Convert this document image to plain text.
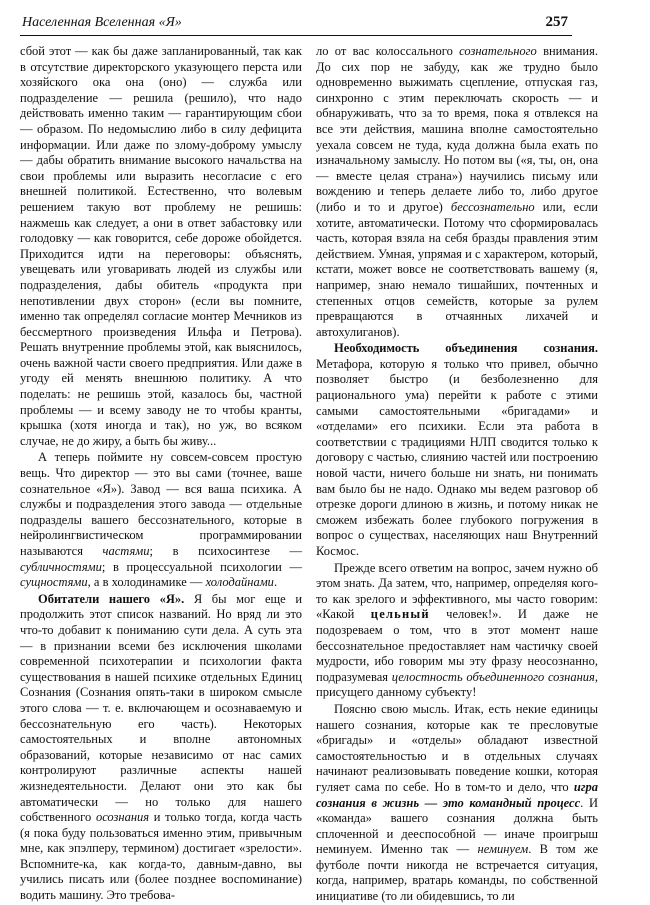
Населенная Вселенная «Я»	257

сбой этот — как бы даже запланированный, так как в отсутствие директорского указующего перста или хозяйского ока она (оно) — служба или подразделение — решила (решило), что надо действовать именно таким — гарантирующим сбои — образом. По недомыслию либо в силу дефицита информации. Или даже по злому-доброму умыслу — дабы обратить внимание высокого начальства на свои проблемы или выразить несогласие с его внешней политикой. Естественно, что волевым решением такую вот проблему не решишь: нажмешь как следует, а они в ответ забастовку или голодовку — как говорится, себе дороже обойдется. Приходится идти на переговоры: объяснять, увещевать или уговаривать людей из службы или подразделения, дабы обитель «продукта при непотивлении двух сторон» (если вы помните, именно так определял согласие монтер Мечников из бессмертного произведения Ильфа и Петрова). Решать внутренние проблемы этой, как выяснилось, очень важной части своего предприятия. Или даже в угоду ей менять внешнюю политику. А что поделать: не решишь этой, казалось бы, частной проблемы — и всему заводу не то чтобы кранты, крышка (хотя иногда и так), но уж, во всяком случае, не до жиру, а быть бы живу...

А теперь поймите ну совсем-совсем простую вещь. Что директор — это вы сами (точнее, ваше сознательное «Я»). Завод — вся ваша психика. А службы и подразделения этого завода — отдельные подразделы вашего бессознательного, которые в нейролингвистическом программировании называются частями; в психосинтезе — субличностями; в процессуальной психологии — сущностями, а в холодинамике — холодайнами.

Обитатели нашего «Я». Я бы мог еще и продолжить этот список названий. Но вряд ли это что-то добавит к пониманию сути дела. А суть эта — в признании всеми без исключения школами современной психотерапии и психологии факта существования в нашей психике отдельных Единиц Сознания (Сознания опять-таки в широком смысле этого слова — т. е. включающем и осознаваемую и бессознательную его часть). Некоторых самостоятельных и вполне автономных образований, которые независимо от нас самих контролируют различные аспекты нашей жизнедеятельности. Делают они это как бы автоматически — но только для нашего собственного осознания и только тогда, когда часть (я пока буду пользоваться именно этим, привычным мне, как эпэлперу, термином) достигает «зрелости». Вспомните-ка, как когда-то, давным-давно, вы учились писать или (более позднее воспоминание) водить машину. Это требова-

ло от вас колоссального сознательного внимания. До сих пор не забуду, как же трудно было одновременно выжимать сцепление, отпуская газ, синхронно с этим переключать скорость — и обнаруживать, что за то время, пока я отвлекся на все эти действия, машина вполне самостоятельно уехала совсем не туда, куда должна была ехать по изначальному замыслу. Но потом вы («я, ты, он, она — вместе целая страна») научились письму или вождению и теперь делаете либо то, либо другое (либо и то и другое) бессознательно или, если хотите, автоматически. Потому что сформировалась часть, которая взяла на себя бразды правления этим действием. Умная, упрямая и с характером, который, кстати, может вовсе не соответствовать вашему (я, например, знаю немало тишайших, почтенных и степенных отцов семейств, которые за рулем превращаются в отчаянных лихачей и автохулиганов).

Необходимость объединения сознания. Метафора, которую я только что привел, обычно позволяет быстро (и безболезненно для рационального ума) перейти к работе с этими самыми самостоятельными «бригадами» и «отделами» его психики. Если эта работа в соответствии с традициями НЛП сводится только к договору с частью, слиянию частей или построению новой части, ничего больше ни знать, ни понимать вам было бы не надо. Однако мы ведем разговор об отрезке дороги длиною в жизнь, и потому никак не сможем избежать более глубокого погружения в вопрос о существах, населяющих наш Внутренний Космос.

Прежде всего ответим на вопрос, зачем нужно об этом знать. Да затем, что, например, определяя кого-то как зрелого и эффективного, мы часто говорим: «Какой цельный человек!». И даже не подозреваем о том, что в этот момент наше бессознательное предоставляет нам частичку своей мудрости, ибо говорим мы эту фразу неосознанно, подразумевая целостность объединенного сознания, присущего данному субъекту!

Поясню свою мысль. Итак, есть некие единицы нашего сознания, которые как те пресловутые «бригады» и «отделы» обладают известной самостоятельностью и в отдельных случаях начинают реализовывать поведение кошки, которая гуляет сама по себе. Но в том-то и дело, что игра сознания в жизнь — это командный процесс. И «команда» вашего сознания должна быть сплоченной и дееспособной — иначе проигрыш неминуем. Именно так — неминуем. В том же футболе почти никогда не встречается ситуация, когда, например, вратарь команды, по собственной инициативе (то ли обидевшись, то ли
